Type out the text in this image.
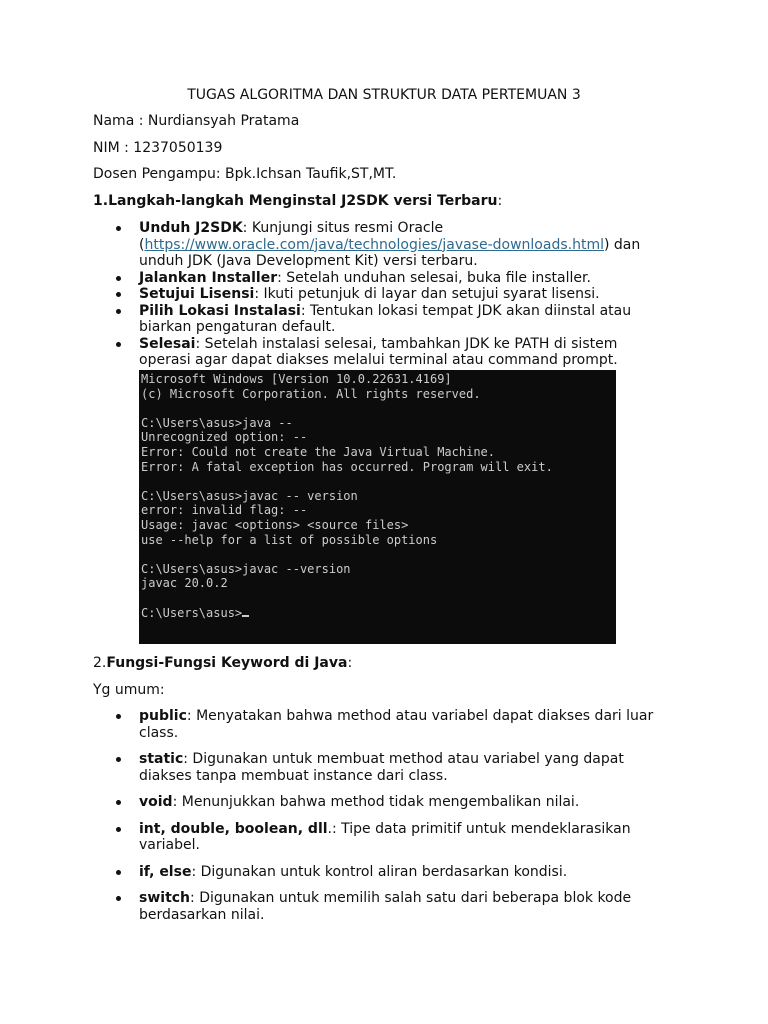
TUGAS ALGORITMA DAN STRUKTUR DATA PERTEMUAN 3

Nama : Nurdiansyah Pratama

NIM : 1237050139

Dosen Pengampu: Bpk.Ichsan Taufik,ST,MT.

1.Langkah-langkah Menginstal J2SDK versi Terbaru:

Unduh J2SDK: Kunjungi situs resmi Oracle (https://www.oracle.com/java/technologies/javase-downloads.html) dan unduh JDK (Java Development Kit) versi terbaru.
Jalankan Installer: Setelah unduhan selesai, buka file installer.
Setujui Lisensi: Ikuti petunjuk di layar dan setujui syarat lisensi.
Pilih Lokasi Instalasi: Tentukan lokasi tempat JDK akan diinstal atau biarkan pengaturan default.
Selesai: Setelah instalasi selesai, tambahkan JDK ke PATH di sistem operasi agar dapat diakses melalui terminal atau command prompt.
Microsoft Windows [Version 10.0.22631.4169]
(c) Microsoft Corporation. All rights reserved.
C:\Users\asus>java --
Unrecognized option: --
Error: Could not create the Java Virtual Machine.
Error: A fatal exception has occurred. Program will exit.
C:\Users\asus>javac -- version
error: invalid flag: --
Usage: javac <options> <source files>
use --help for a list of possible options
C:\Users\asus>javac --version
javac 20.0.2
C:\Users\asus>

2.Fungsi-Fungsi Keyword di Java:

Yg umum:

public: Menyatakan bahwa method atau variabel dapat diakses dari luar class.
static: Digunakan untuk membuat method atau variabel yang dapat diakses tanpa membuat instance dari class.
void: Menunjukkan bahwa method tidak mengembalikan nilai.
int, double, boolean, dll.: Tipe data primitif untuk mendeklarasikan variabel.
if, else: Digunakan untuk kontrol aliran berdasarkan kondisi.
switch: Digunakan untuk memilih salah satu dari beberapa blok kode berdasarkan nilai.
